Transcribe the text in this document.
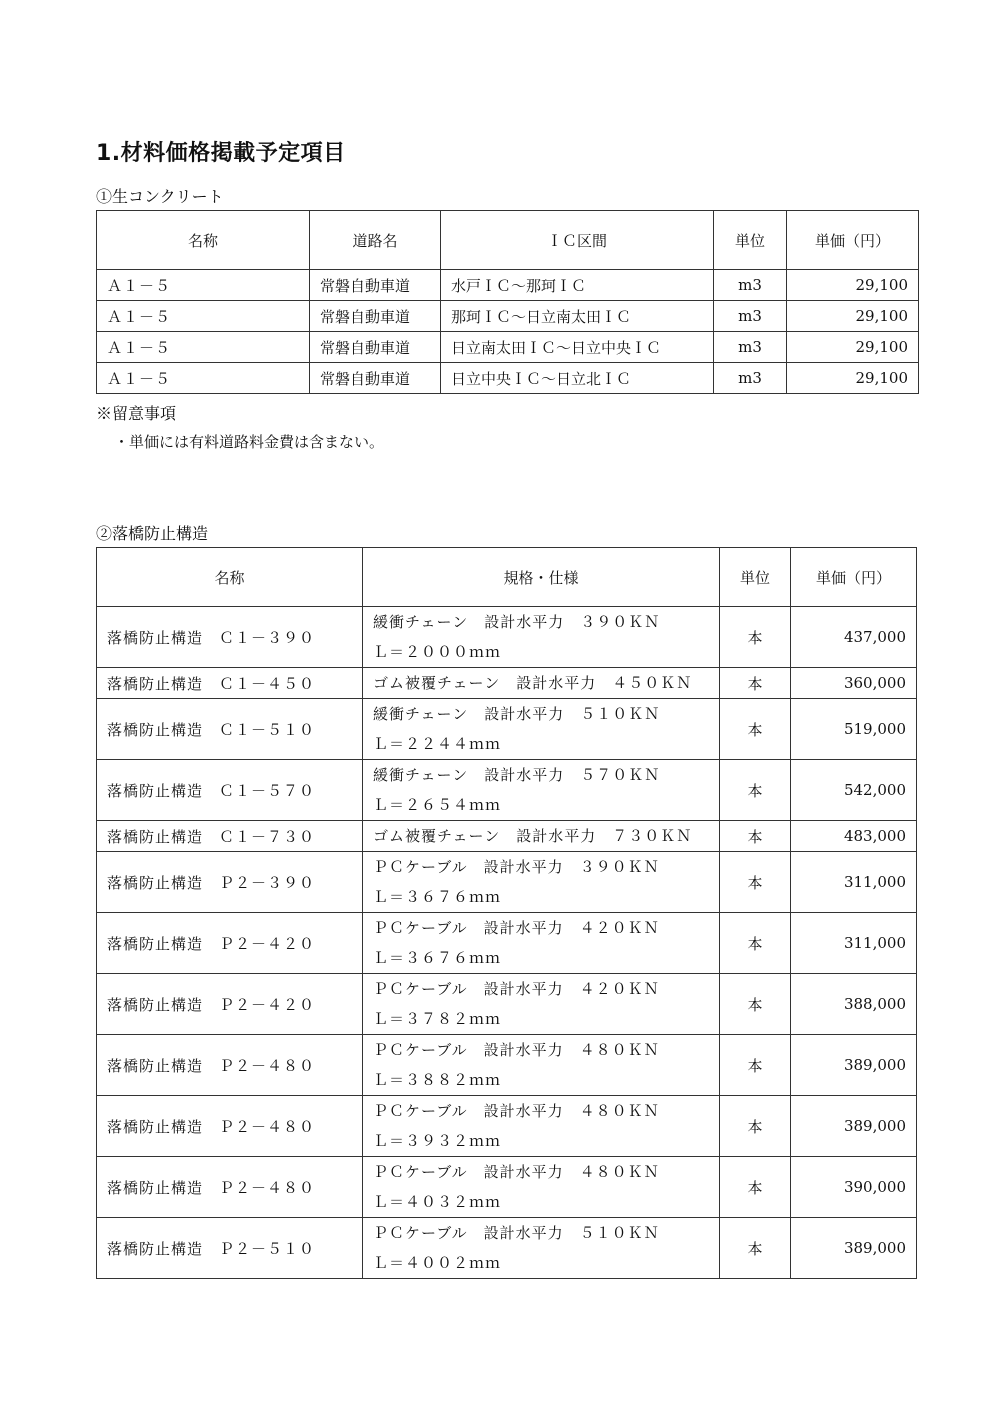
1.材料価格掲載予定項目
①生コンクリート
名称	道路名	ＩＣ区間	単位	単価（円）
Ａ１－５	常磐自動車道	水戸ＩＣ～那珂ＩＣ	m3	29,100
Ａ１－５	常磐自動車道	那珂ＩＣ～日立南太田ＩＣ	m3	29,100
Ａ１－５	常磐自動車道	日立南太田ＩＣ～日立中央ＩＣ	m3	29,100
Ａ１－５	常磐自動車道	日立中央ＩＣ～日立北ＩＣ	m3	29,100
※留意事項
・単価には有料道路料金費は含まない。
②落橋防止構造
名称	規格・仕様	単位	単価（円）
落橋防止構造　Ｃ１－３９０	緩衝チェーン　設計水平力　３９０ＫＮ
Ｌ＝２０００ｍｍ	本	437,000
落橋防止構造　Ｃ１－４５０	ゴム被覆チェーン　設計水平力　４５０ＫＮ	本	360,000
落橋防止構造　Ｃ１－５１０	緩衝チェーン　設計水平力　５１０ＫＮ
Ｌ＝２２４４ｍｍ	本	519,000
落橋防止構造　Ｃ１－５７０	緩衝チェーン　設計水平力　５７０ＫＮ
Ｌ＝２６５４ｍｍ	本	542,000
落橋防止構造　Ｃ１－７３０	ゴム被覆チェーン　設計水平力　７３０ＫＮ	本	483,000
落橋防止構造　Ｐ２－３９０	ＰＣケーブル　設計水平力　３９０ＫＮ
Ｌ＝３６７６ｍｍ	本	311,000
落橋防止構造　Ｐ２－４２０	ＰＣケーブル　設計水平力　４２０ＫＮ
Ｌ＝３６７６ｍｍ	本	311,000
落橋防止構造　Ｐ２－４２０	ＰＣケーブル　設計水平力　４２０ＫＮ
Ｌ＝３７８２ｍｍ	本	388,000
落橋防止構造　Ｐ２－４８０	ＰＣケーブル　設計水平力　４８０ＫＮ
Ｌ＝３８８２ｍｍ	本	389,000
落橋防止構造　Ｐ２－４８０	ＰＣケーブル　設計水平力　４８０ＫＮ
Ｌ＝３９３２ｍｍ	本	389,000
落橋防止構造　Ｐ２－４８０	ＰＣケーブル　設計水平力　４８０ＫＮ
Ｌ＝４０３２ｍｍ	本	390,000
落橋防止構造　Ｐ２－５１０	ＰＣケーブル　設計水平力　５１０ＫＮ
Ｌ＝４００２ｍｍ	本	389,000
